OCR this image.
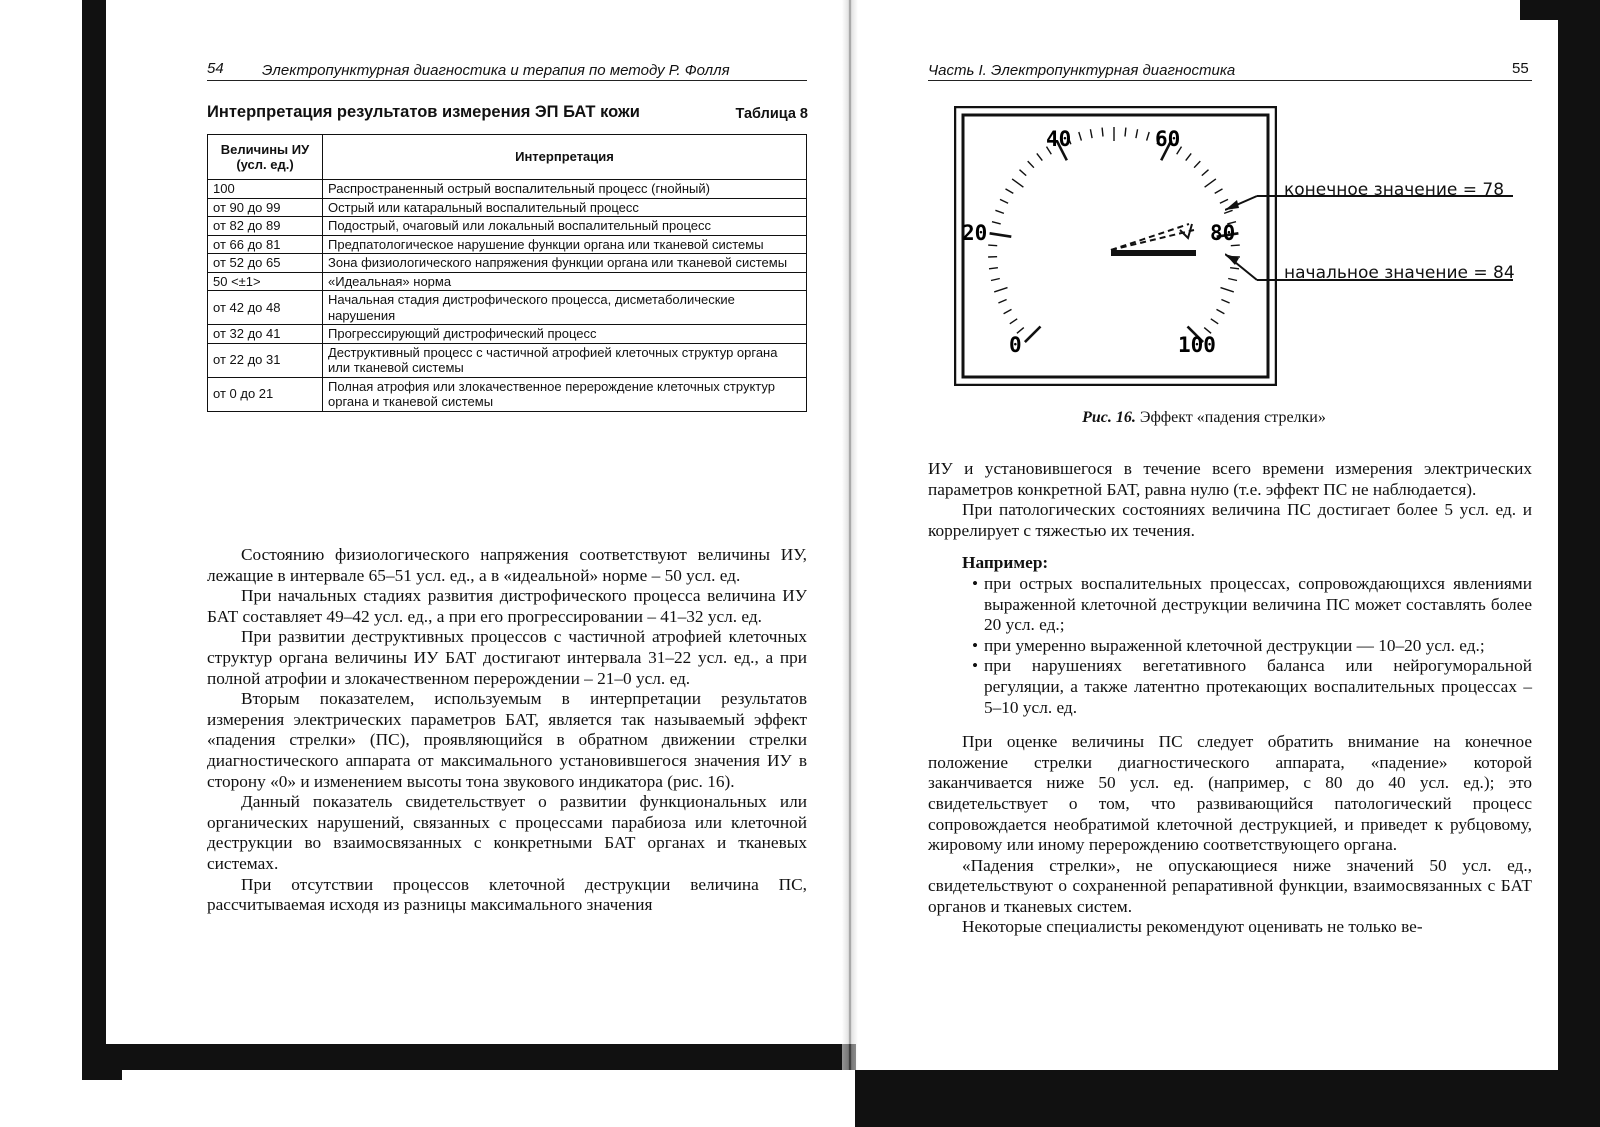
54	Электропунктурная диагностика и терапия по методу Р. Фолля
Интерпретация результатов измерения ЭП БАТ кожи	Таблица 8
Величины ИУ (усл. ед.)	Интерпретация
100	Распространенный острый воспалительный процесс (гнойный)
от 90 до 99	Острый или катаральный воспалительный процесс
от 82 до 89	Подострый, очаговый или локальный воспалительный процесс
от 66 до 81	Предпатологическое нарушение функции органа или тканевой системы
от 52 до 65	Зона физиологического напряжения функции органа или тканевой системы
50 <±1>	«Идеальная» норма
от 42 до 48	Начальная стадия дистрофического процесса, дисметаболические нарушения
от 32 до 41	Прогрессирующий дистрофический процесс
от 22 до 31	Деструктивный процесс с частичной атрофией клеточных структур органа или тканевой системы
от 0 до 21	Полная атрофия или злокачественное перерождение клеточных структур органа и тканевой системы

Состоянию физиологического напряжения соответствуют величины ИУ, лежащие в интервале 65–51 усл. ед., а в «идеальной» норме – 50 усл. ед.

При начальных стадиях развития дистрофического процесса величина ИУ БАТ составляет 49–42 усл. ед., а при его прогрессировании – 41–32 усл. ед.

При развитии деструктивных процессов с частичной атрофией клеточных структур органа величины ИУ БАТ достигают интервала 31–22 усл. ед., а при полной атрофии и злокачественном перерождении – 21–0 усл. ед.

Вторым показателем, используемым в интерпретации результатов измерения электрических параметров БАТ, является так называемый эффект «падения стрелки» (ПС), проявляющийся в обратном движении стрелки диагностического аппарата от максимального установившегося значения ИУ в сторону «0» и изменением высоты тона звукового индикатора (рис. 16).

Данный показатель свидетельствует о развитии функциональных или органических нарушений, связанных с процессами парабиоза или клеточной деструкции во взаимосвязанных с конкретными БАТ органах и тканевых системах.

При отсутствии процессов клеточной деструкции величина ПС, рассчитываемая исходя из разницы максимального значения

Часть I. Электропунктурная диагностика	55
20
40	60
80
0	100
конечное значение = 78
начальное значение = 84
Рис. 16. Эффект «падения стрелки»

ИУ и установившегося в течение всего времени измерения электрических параметров конкретной БАТ, равна нулю (т.е. эффект ПС не наблюдается).

При патологических состояниях величина ПС достигает более 5 усл. ед. и коррелирует с тяжестью их течения.

Например:
• при острых воспалительных процессах, сопровождающихся явлениями выраженной клеточной деструкции величина ПС может составлять более 20 усл. ед.;
• при умеренно выраженной клеточной деструкции — 10–20 усл. ед.;
• при нарушениях вегетативного баланса или нейрогуморальной регуляции, а также латентно протекающих воспалительных процессах – 5–10 усл. ед.

При оценке величины ПС следует обратить внимание на конечное положение стрелки диагностического аппарата, «падение» которой заканчивается ниже 50 усл. ед. (например, с 80 до 40 усл. ед.); это свидетельствует о том, что развивающийся патологический процесс сопровождается необратимой клеточной деструкцией, и приведет к рубцовому, жировому или иному перерождению соответствующего органа.

«Падения стрелки», не опускающиеся ниже значений 50 усл. ед., свидетельствуют о сохраненной репаративной функции, взаимосвязанных с БАТ органов и тканевых систем.

Некоторые специалисты рекомендуют оценивать не только ве-
